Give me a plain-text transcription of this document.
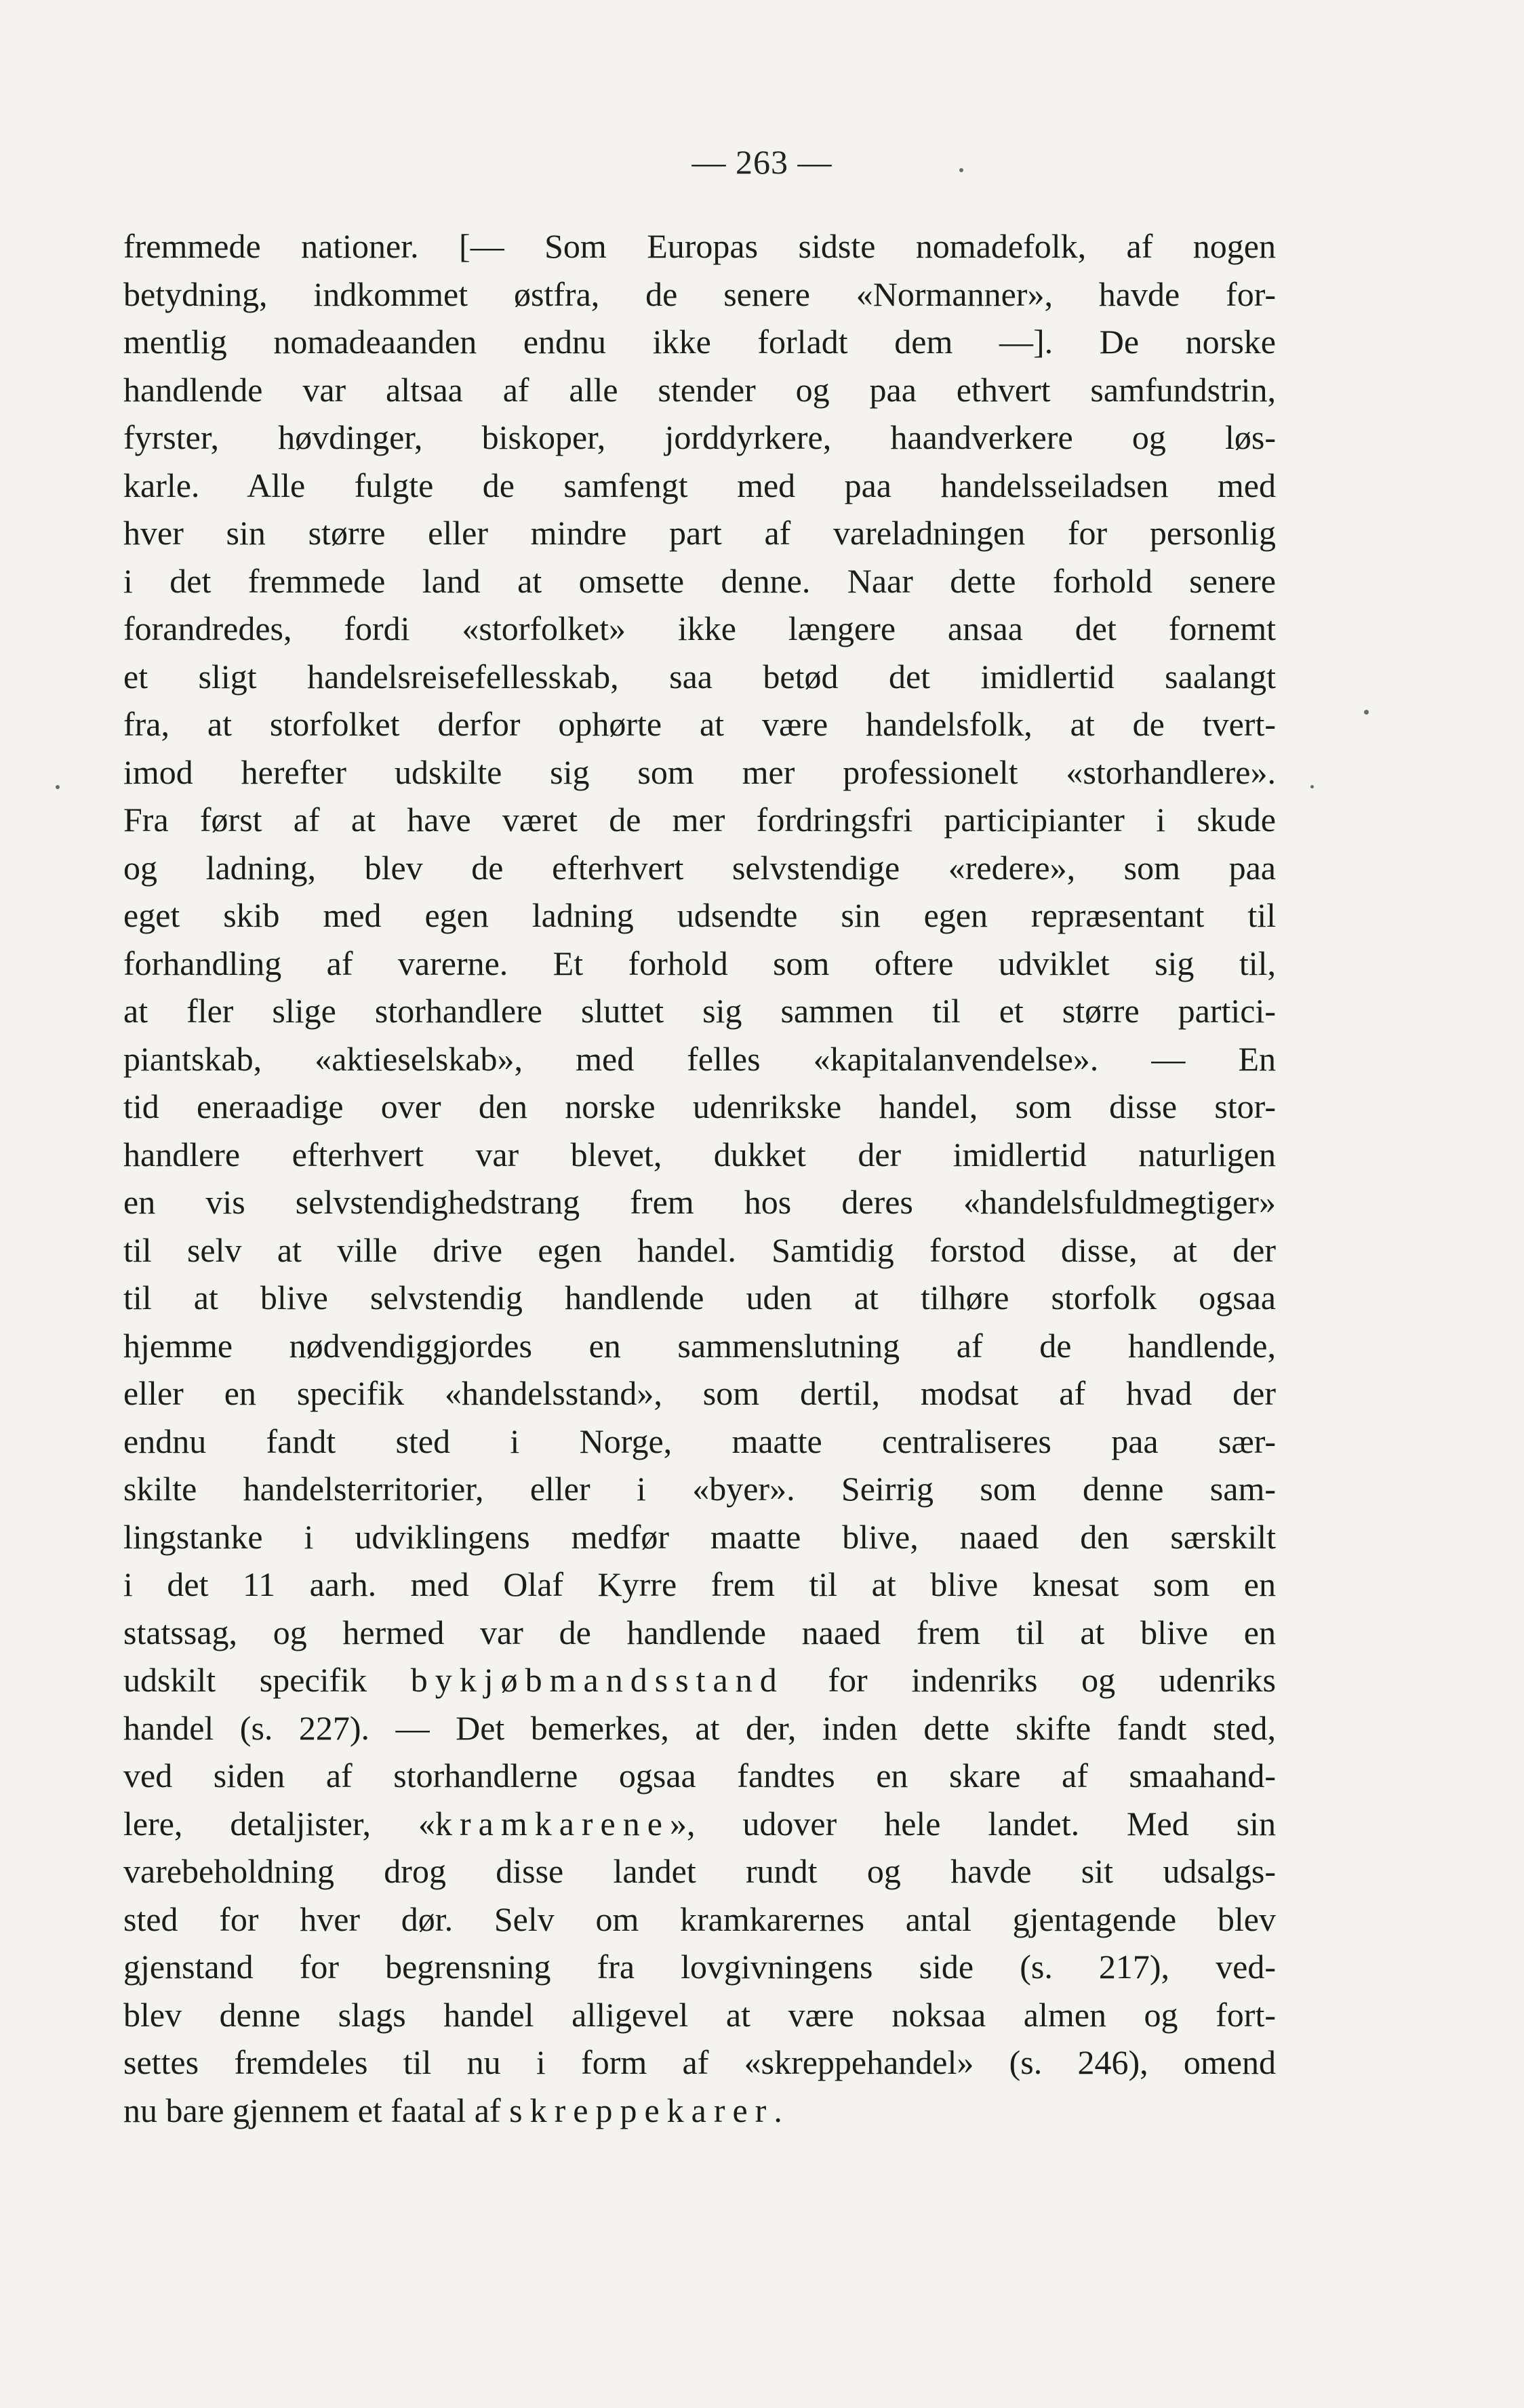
— 263 —
fremmede nationer. [— Som Europas sidste nomadefolk, af nogen
betydning, indkommet østfra, de senere «Normanner», havde for-
mentlig nomadeaanden endnu ikke forladt dem —]. De norske
handlende var altsaa af alle stender og paa ethvert samfundstrin,
fyrster, høvdinger, biskoper, jorddyrkere, haandverkere og løs-
karle. Alle fulgte de samfengt med paa handelsseiladsen med
hver sin større eller mindre part af vareladningen for personlig
i det fremmede land at omsette denne. Naar dette forhold senere
forandredes, fordi «storfolket» ikke længere ansaa det fornemt
et sligt handelsreisefellesskab, saa betød det imidlertid saalangt
fra, at storfolket derfor ophørte at være handelsfolk, at de tvert-
imod herefter udskilte sig som mer professionelt «storhandlere».
Fra først af at have været de mer fordringsfri participianter i skude
og ladning, blev de efterhvert selvstendige «redere», som paa
eget skib med egen ladning udsendte sin egen repræsentant til
forhandling af varerne. Et forhold som oftere udviklet sig til,
at fler slige storhandlere sluttet sig sammen til et større partici-
piantskab, «aktieselskab», med felles «kapitalanvendelse». — En
tid eneraadige over den norske udenrikske handel, som disse stor-
handlere efterhvert var blevet, dukket der imidlertid naturligen
en vis selvstendighedstrang frem hos deres «handelsfuldmegtiger»
til selv at ville drive egen handel. Samtidig forstod disse, at der
til at blive selvstendig handlende uden at tilhøre storfolk ogsaa
hjemme nødvendiggjordes en sammenslutning af de handlende,
eller en specifik «handelsstand», som dertil, modsat af hvad der
endnu fandt sted i Norge, maatte centraliseres paa sær-
skilte handelsterritorier, eller i «byer». Seirrig som denne sam-
lingstanke i udviklingens medfør maatte blive, naaed den særskilt
i det 11 aarh. med Olaf Kyrre frem til at blive knesat som en
statssag, og hermed var de handlende naaed frem til at blive en
udskilt specifik bykjøbmandsstand for indenriks og udenriks
handel (s. 227). — Det bemerkes, at der, inden dette skifte fandt sted,
ved siden af storhandlerne ogsaa fandtes en skare af smaahand-
lere, detaljister, «kramkarene», udover hele landet. Med sin
varebeholdning drog disse landet rundt og havde sit udsalgs-
sted for hver dør. Selv om kramkarernes antal gjentagende blev
gjenstand for begrensning fra lovgivningens side (s. 217), ved-
blev denne slags handel alligevel at være noksaa almen og fort-
settes fremdeles til nu i form af «skreppehandel» (s. 246), omend
nu bare gjennem et faatal af skreppekarer.
